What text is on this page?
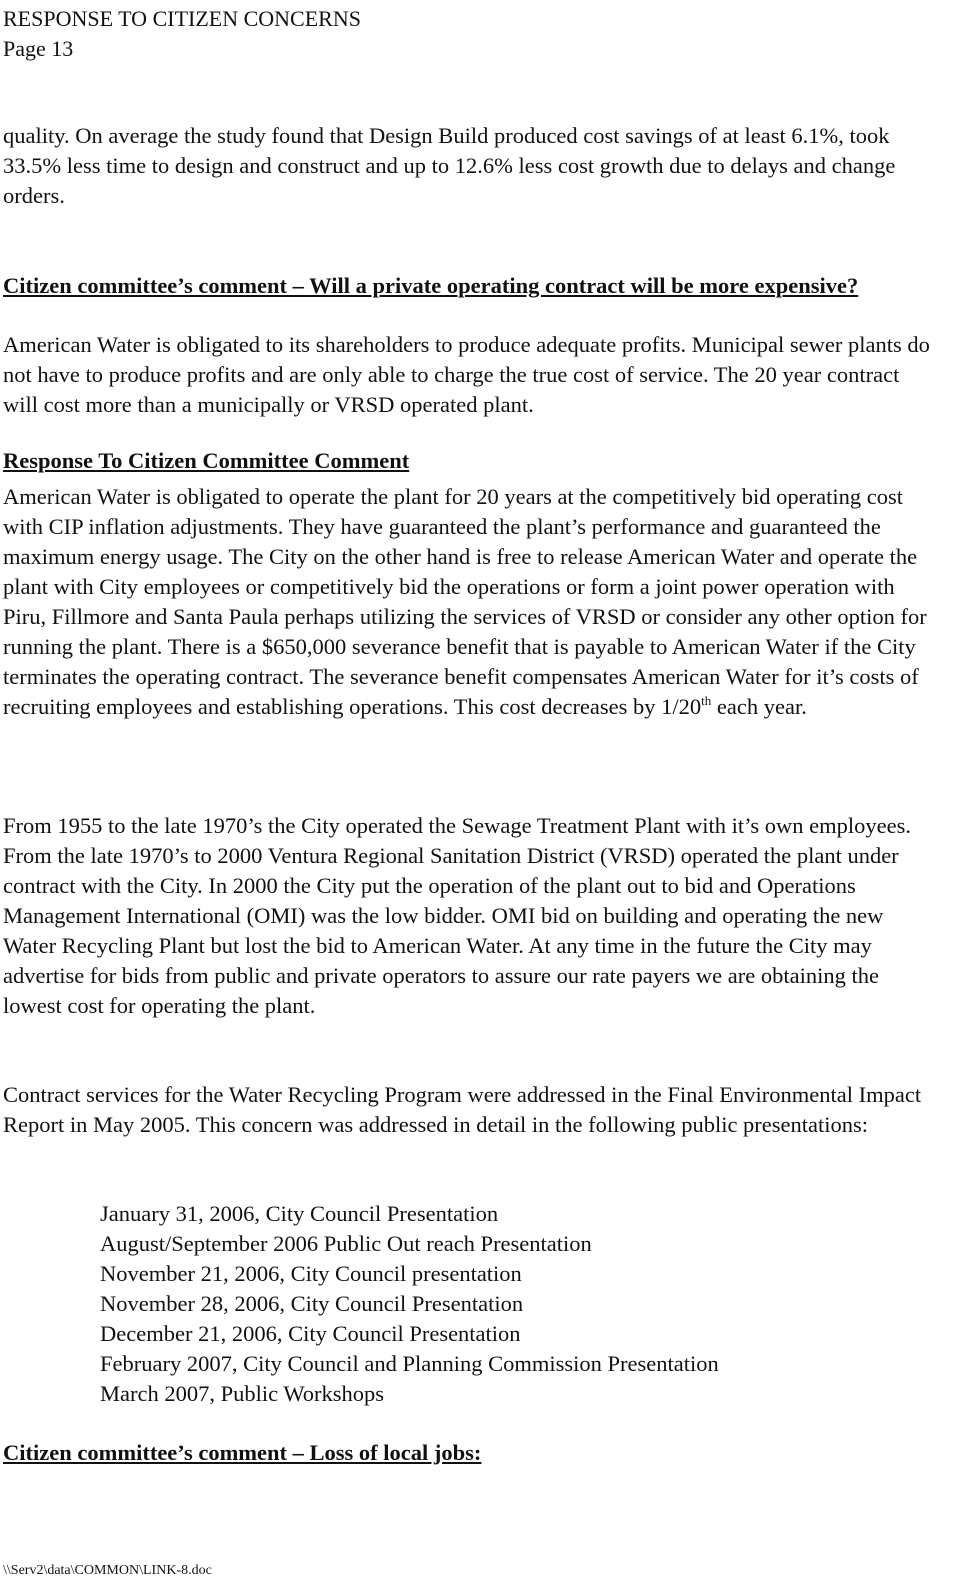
RESPONSE TO CITIZEN CONCERNS
Page 13

quality. On average the study found that Design Build produced cost savings of at least 6.1%, took 33.5% less time to design and construct and up to 12.6% less cost growth due to delays and change orders.

Citizen committee’s comment – Will a private operating contract will be more expensive?

American Water is obligated to its shareholders to produce adequate profits. Municipal sewer plants do not have to produce profits and are only able to charge the true cost of service. The 20 year contract will cost more than a municipally or VRSD operated plant.

Response To Citizen Committee Comment

American Water is obligated to operate the plant for 20 years at the competitively bid operating cost with CIP inflation adjustments. They have guaranteed the plant’s performance and guaranteed the maximum energy usage. The City on the other hand is free to release American Water and operate the plant with City employees or competitively bid the operations or form a joint power operation with Piru, Fillmore and Santa Paula perhaps utilizing the services of VRSD or consider any other option for running the plant. There is a $650,000 severance benefit that is payable to American Water if the City terminates the operating contract. The severance benefit compensates American Water for it’s costs of recruiting employees and establishing operations. This cost decreases by 1/20th each year.

From 1955 to the late 1970’s the City operated the Sewage Treatment Plant with it’s own employees. From the late 1970’s to 2000 Ventura Regional Sanitation District (VRSD) operated the plant under contract with the City. In 2000 the City put the operation of the plant out to bid and Operations Management International (OMI) was the low bidder. OMI bid on building and operating the new Water Recycling Plant but lost the bid to American Water. At any time in the future the City may advertise for bids from public and private operators to assure our rate payers we are obtaining the lowest cost for operating the plant.

Contract services for the Water Recycling Program were addressed in the Final Environmental Impact Report in May 2005. This concern was addressed in detail in the following public presentations:

January 31, 2006, City Council Presentation
August/September 2006 Public Out reach Presentation
November 21, 2006, City Council presentation
November 28, 2006, City Council Presentation
December 21, 2006, City Council Presentation
February 2007, City Council and Planning Commission Presentation
March 2007, Public Workshops

Citizen committee’s comment – Loss of local jobs:

\\Serv2\data\COMMON\LINK-8.doc
